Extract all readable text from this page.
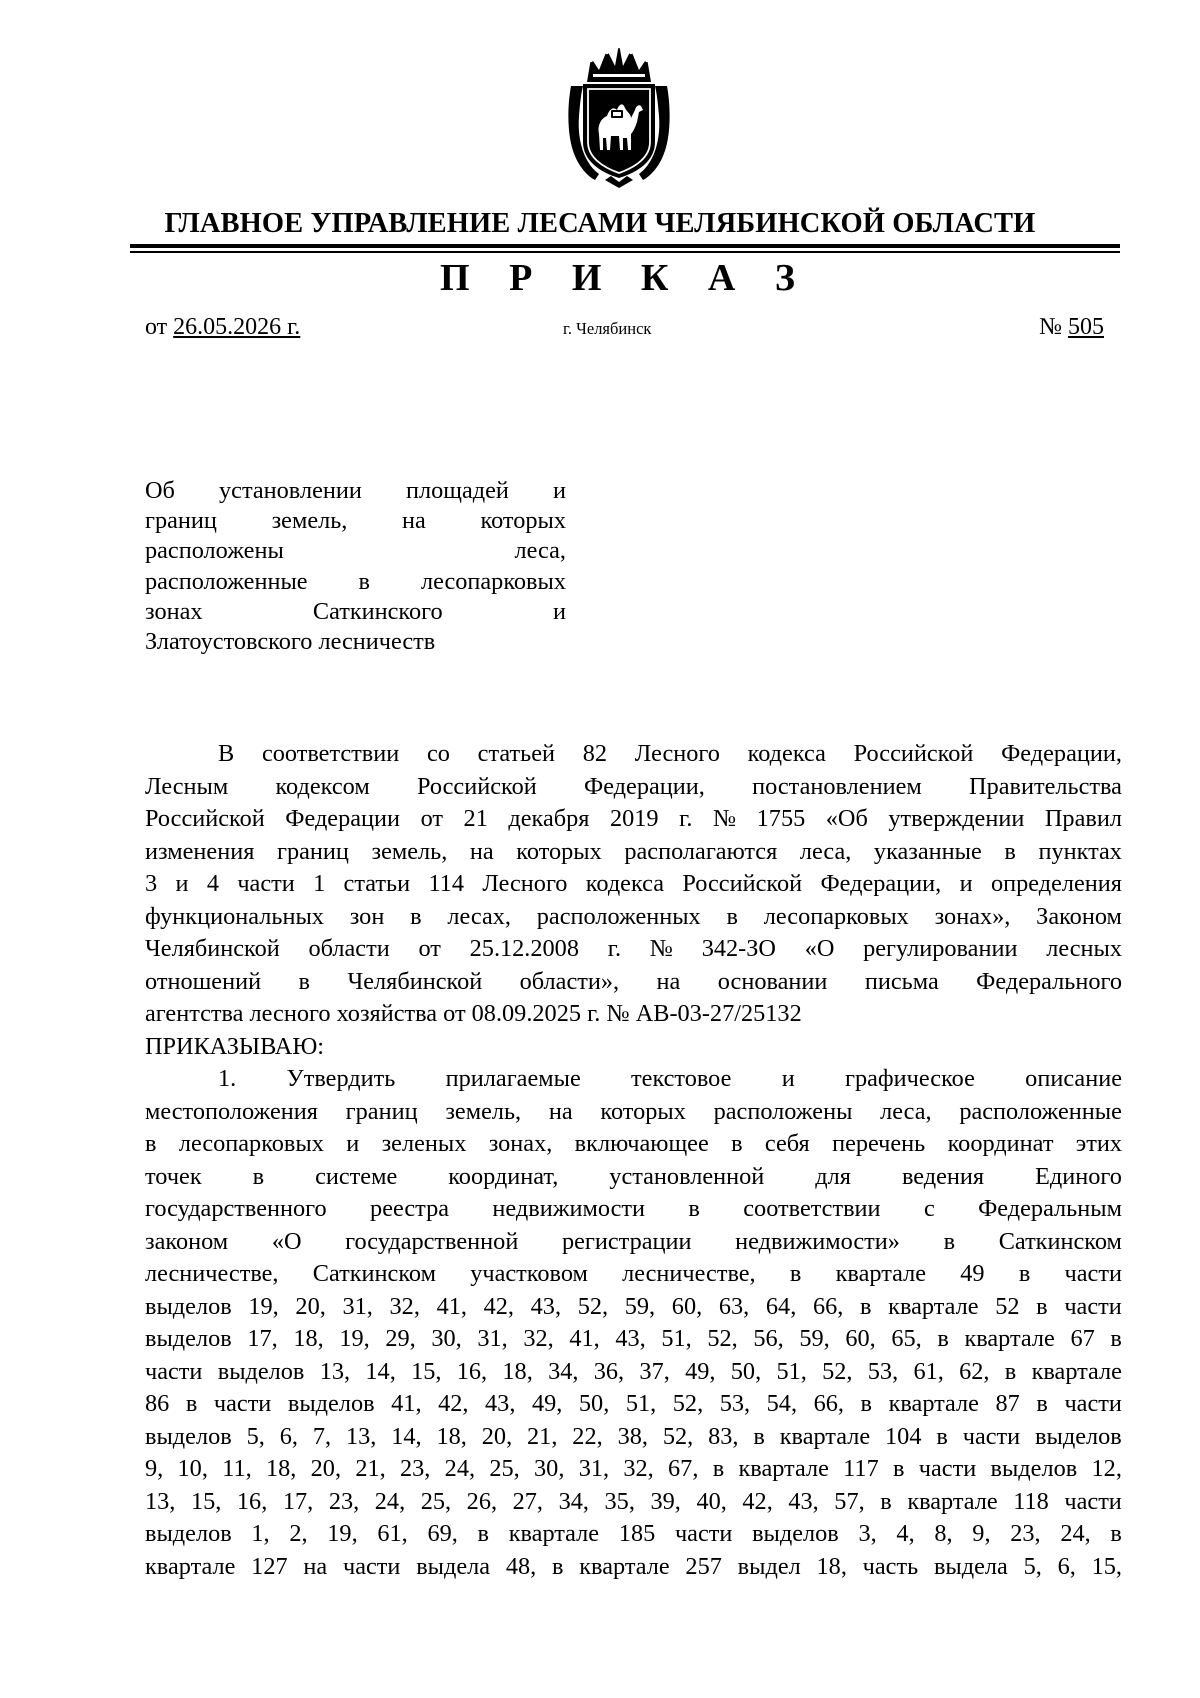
ГЛАВНОЕ УПРАВЛЕНИЕ ЛЕСАМИ ЧЕЛЯБИНСКОЙ ОБЛАСТИ
П Р И К А З
от 26.05.2026 г.	г. Челябинск	№ 505
Об установлении площадей и
границ земель, на которых
расположены	леса,
расположенные в лесопарковых
зонах	Саткинского	и
Златоустовского лесничеств
В соответствии со статьей 82 Лесного кодекса Российской Федерации,
Лесным кодексом Российской Федерации, постановлением Правительства
Российской Федерации от 21 декабря 2019 г. № 1755 «Об утверждении Правил
изменения границ земель, на которых располагаются леса, указанные в пунктах
3 и 4 части 1 статьи 114 Лесного кодекса Российской Федерации, и определения
функциональных зон в лесах, расположенных в лесопарковых зонах», Законом
Челябинской области от 25.12.2008 г. № 342-ЗО «О регулировании лесных
отношений в Челябинской области», на основании письма Федерального
агентства лесного хозяйства от 08.09.2025 г. № АВ-03-27/25132
ПРИКАЗЫВАЮ:
1. Утвердить прилагаемые текстовое и графическое описание
местоположения границ земель, на которых расположены леса, расположенные
в лесопарковых и зеленых зонах, включающее в себя перечень координат этих
точек в системе координат, установленной для ведения Единого
государственного реестра недвижимости в соответствии с Федеральным
законом «О государственной регистрации недвижимости» в Саткинском
лесничестве, Саткинском участковом лесничестве, в квартале 49 в части
выделов 19, 20, 31, 32, 41, 42, 43, 52, 59, 60, 63, 64, 66, в квартале 52 в части
выделов 17, 18, 19, 29, 30, 31, 32, 41, 43, 51, 52, 56, 59, 60, 65, в квартале 67 в
части выделов 13, 14, 15, 16, 18, 34, 36, 37, 49, 50, 51, 52, 53, 61, 62, в квартале
86 в части выделов 41, 42, 43, 49, 50, 51, 52, 53, 54, 66, в квартале 87 в части
выделов 5, 6, 7, 13, 14, 18, 20, 21, 22, 38, 52, 83, в квартале 104 в части выделов
9, 10, 11, 18, 20, 21, 23, 24, 25, 30, 31, 32, 67, в квартале 117 в части выделов 12,
13, 15, 16, 17, 23, 24, 25, 26, 27, 34, 35, 39, 40, 42, 43, 57, в квартале 118 части
выделов 1, 2, 19, 61, 69, в квартале 185 части выделов 3, 4, 8, 9, 23, 24, в
квартале 127 на части выдела 48, в квартале 257 выдел 18, часть выдела 5, 6, 15,
